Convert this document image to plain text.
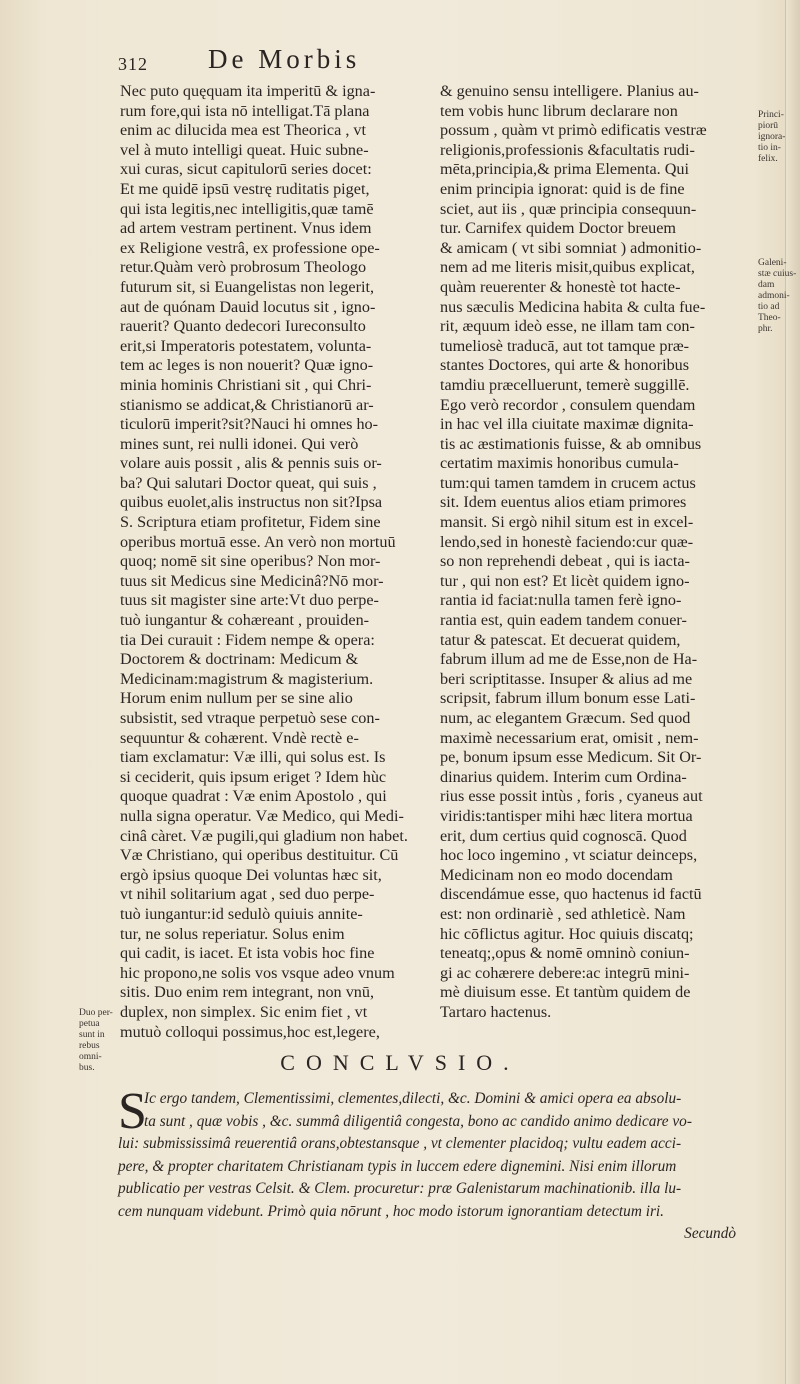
312 De Morbis
Nec puto quęquam ita imperitū & igna-
rum fore,qui ista nō intelligat.Tā plana
enim ac dilucida mea est Theorica , vt
vel à muto intelligi queat. Huic subne-
xui curas, sicut capitulorū series docet:
Et me quidē ipsū vestrę ruditatis piget,
qui ista legitis,nec intelligitis,quæ tamē
ad artem vestram pertinent. Vnus idem
ex Religione vestrâ, ex professione ope-
retur.Quàm verò probrosum Theologo
futurum sit, si Euangelistas non legerit,
aut de quónam Dauid locutus sit , igno-
rauerit? Quanto dedecori Iureconsulto
erit,si Imperatoris potestatem, volunta-
tem ac leges is non nouerit? Quæ igno-
minia hominis Christiani sit , qui Chri-
stianismo se addicat,& Christianorū ar-
ticulorū imperit?sit?Nauci hi omnes ho-
mines sunt, rei nulli idonei. Qui verò
volare auis possit , alis & pennis suis or-
ba? Qui salutari Doctor queat, qui suis ,
quibus euolet,alis instructus non sit?Ipsa
S. Scriptura etiam profitetur, Fidem sine
operibus mortuā esse. An verò non mortuū
quoq; nomē sit sine operibus? Non mor-
tuus sit Medicus sine Medicinâ?Nō mor-
tuus sit magister sine arte:Vt duo perpe-
tuò iungantur & cohæreant , prouiden-
tia Dei curauit : Fidem nempe & opera:
Doctorem & doctrinam: Medicum &
Medicinam:magistrum & magisterium.
Horum enim nullum per se sine alio
subsistit, sed vtraque perpetuò sese con-
sequuntur & cohærent. Vndè rectè e-
tiam exclamatur: Væ illi, qui solus est. Is
si ceciderit, quis ipsum eriget ? Idem hùc
quoque quadrat : Væ enim Apostolo , qui
nulla signa operatur. Væ Medico, qui Medi-
cinâ càret. Væ pugili,qui gladium non habet.
Væ Christiano, qui operibus destituitur. Cū
ergò ipsius quoque Dei voluntas hæc sit,
vt nihil solitarium agat , sed duo perpe-
tuò iungantur:id sedulò quiuis annite-
tur, ne solus reperiatur. Solus enim
qui cadit, is iacet. Et ista vobis hoc fine
hic propono,ne solis vos vsque adeo vnum
sitis. Duo enim rem integrant, non vnū,
duplex, non simplex. Sic enim fiet , vt
mutuò colloqui possimus,hoc est,legere,
& genuino sensu intelligere. Planius au-
tem vobis hunc librum declarare non
possum , quàm vt primò edificatis vestræ
religionis,professionis &facultatis rudi-
mēta,principia,& prima Elementa. Qui
enim principia ignorat: quid is de fine
sciet, aut iis , quæ principia consequun-
tur. Carnifex quidem Doctor breuem
& amicam ( vt sibi somniat ) admonitio-
nem ad me literis misit,quibus explicat,
quàm reuerenter & honestè tot hacte-
nus sæculis Medicina habita & culta fue-
rit, æquum ideò esse, ne illam tam con-
tumeliosè traducā, aut tot tamque præ-
stantes Doctores, qui arte & honoribus
tamdiu præcelluerunt, temerè suggillē.
Ego verò recordor , consulem quendam
in hac vel illa ciuitate maximæ dignita-
tis ac æstimationis fuisse, & ab omnibus
certatim maximis honoribus cumula-
tum:qui tamen tamdem in crucem actus
sit. Idem euentus alios etiam primores
mansit. Si ergò nihil situm est in excel-
lendo,sed in honestè faciendo:cur quæ-
so non reprehendi debeat , qui is iacta-
tur , qui non est? Et licèt quidem igno-
rantia id faciat:nulla tamen ferè igno-
rantia est, quin eadem tandem conuer-
tatur & patescat. Et decuerat quidem,
fabrum illum ad me de Esse,non de Ha-
beri scriptitasse. Insuper & alius ad me
scripsit, fabrum illum bonum esse Lati-
num, ac elegantem Græcum. Sed quod
maximè necessarium erat, omisit , nem-
pe, bonum ipsum esse Medicum. Sit Or-
dinarius quidem. Interim cum Ordina-
rius esse possit intùs , foris , cyaneus aut
viridis:tantisper mihi hæc litera mortua
erit, dum certius quid cognoscā. Quod
hoc loco ingemino , vt sciatur deinceps,
Medicinam non eo modo docendam
discendámue esse, quo hactenus id factū
est: non ordinariè , sed athleticè. Nam
hic cōflictus agitur. Hoc quiuis discatq;
teneatq;,opus & nomē omninò coniun-
gi ac cohærere debere:ac integrū mini-
mè diuisum esse. Et tantùm quidem de
Tartaro hactenus.
Duo per-
petua
sunt in
rebus
omni-
bus.
Princi-
piorū
ignora-
tio in-
felix.
Galeni-
stæ cuius-
dam
admoni-
tio ad
Theo-
phr.
CONCLVSIO.
S
Ic ergo tandem, Clementissimi, clementes,dilecti, &c. Domini & amici opera ea absolu-
ta sunt , quæ vobis , &c. summâ diligentiâ congesta, bono ac candido animo dedicare vo-
lui: submississimâ reuerentiâ orans,obtestansque , vt clementer placidoq; vultu eadem acci-
pere, & propter charitatem Christianam typis in luccem edere dignemini. Nisi enim illorum
publicatio per vestras Celsit. & Clem. procuretur: præ Galenistarum machinationib. illa lu-
cem nunquam videbunt. Primò quia nōrunt , hoc modo istorum ignorantiam detectum iri.
Secundò
